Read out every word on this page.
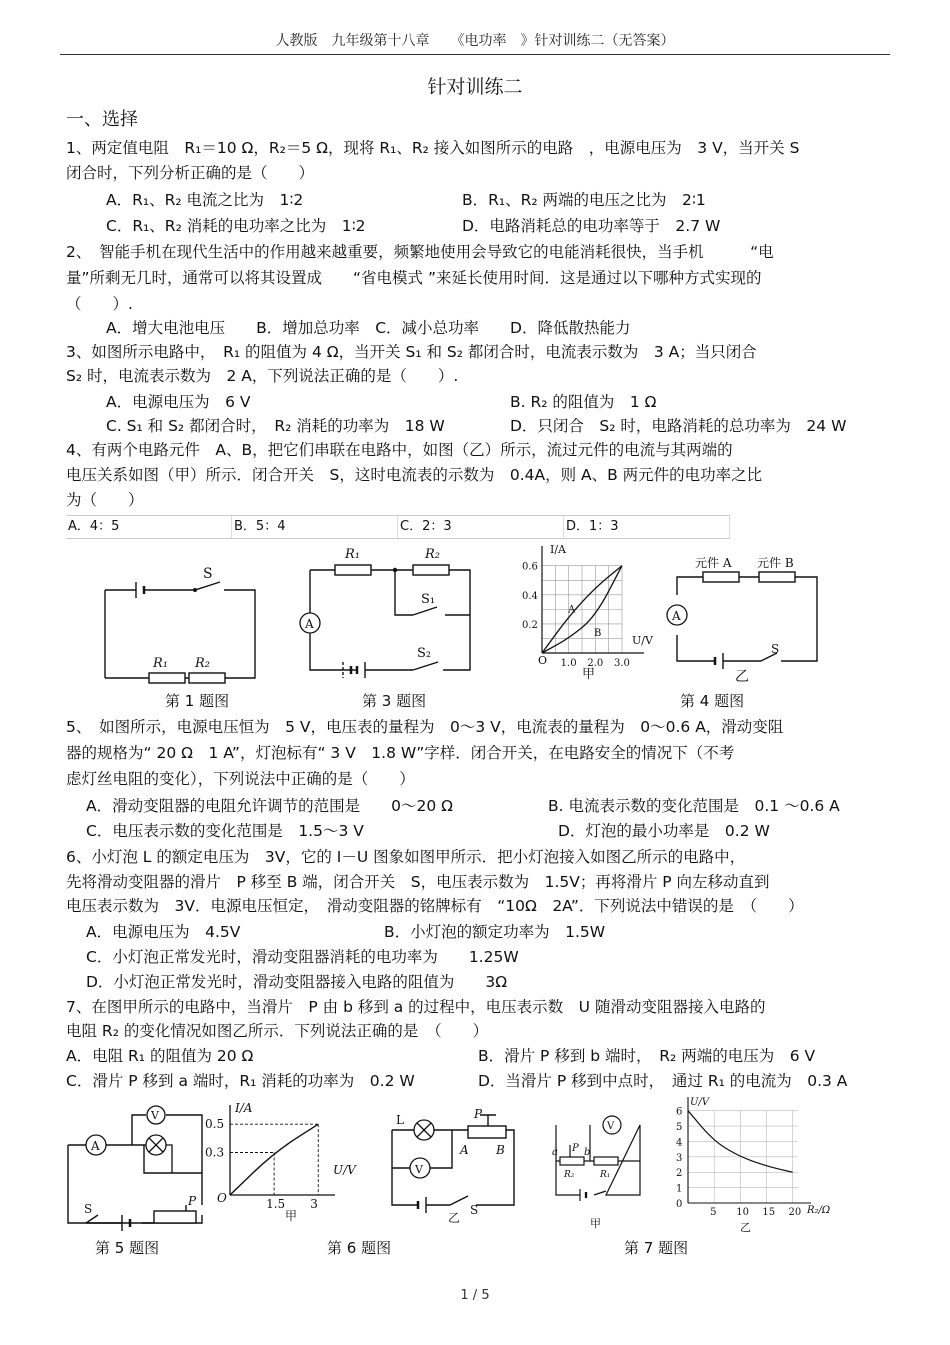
人教版　九年级第十八章　　《电功率　》针对训练二（无答案）
针对训练二
一、选择
1、两定值电阻　R₁＝10 Ω，R₂＝5 Ω，现将 R₁、R₂ 接入如图所示的电路　，电源电压为　3 V，当开关 S
闭合时，下列分析正确的是（　　）
A．R₁、R₂ 电流之比为　1∶2	B．R₁、R₂ 两端的电压之比为　2∶1
C．R₁、R₂ 消耗的电功率之比为　1∶2	D．电路消耗总的电功率等于　2.7 W
2、　智能手机在现代生活中的作用越来越重要，频繁地使用会导致它的电能消耗很快，当手机　　　“电
量”所剩无几时，通常可以将其设置成　　“省电模式 ”来延长使用时间．这是通过以下哪种方式实现的
（　　）.
A．增大电池电压　　B．增加总功率　C．减小总功率　　D．降低散热能力
3、如图所示电路中，　R₁ 的阻值为 4 Ω，当开关 S₁ 和 S₂ 都闭合时，电流表示数为　3 A；当只闭合
S₂ 时，电流表示数为　2 A，下列说法正确的是（　　）.
A．电源电压为　6 V	B. R₂ 的阻值为　1 Ω
C. S₁ 和 S₂ 都闭合时，　R₂ 消耗的功率为　18 W	D．只闭合　S₂ 时，电路消耗的总功率为　24 W
4、有两个电路元件　A、B，把它们串联在电路中，如图（乙）所示，流过元件的电流与其两端的
电压关系如图（甲）所示．闭合开关　S，这时电流表的示数为　0.4A，则 A、B 两元件的电功率之比
为（　　）
A．4：5	B．5：4	C．2：3	D．1：3
S
R₁ R₂
A
R₁	R₂
S₁
S₂
1.0 2.0 3.0
0.2
0.4
0.6
A
B
I/A
U/V
O
甲
A
元件 A 元件 B
乙
S
第 1 题图	第 3 题图	第 4 题图
5、　如图所示，电源电压恒为　5 V，电压表的量程为　0～3 V，电流表的量程为　0～0.6 A，滑动变阻
器的规格为“ 20 Ω　1 A”，灯泡标有“ 3 V　1.8 W”字样．闭合开关，在电路安全的情况下（不考
虑灯丝电阻的变化），下列说法中正确的是（　　）
A．滑动变阻器的电阻允许调节的范围是　　0～20 Ω	B. 电流表示数的变化范围是　0.1 ～0.6 A
C．电压表示数的变化范围是　1.5～3 V	D．灯泡的最小功率是　0.2 W
6、小灯泡 L 的额定电压为　3V，它的 I－U 图象如图甲所示．把小灯泡接入如图乙所示的电路中，
先将滑动变阻器的滑片　P 移至 B 端，闭合开关　S，电压表示数为　1.5V；再将滑片 P 向左移动直到
电压表示数为　3V．电源电压恒定，　滑动变阻器的铭牌标有　“10Ω　2A”．下列说法中错误的是　（　　）
A．电源电压为　4.5V	B．小灯泡的额定功率为　1.5W
C．小灯泡正常发光时，滑动变阻器消耗的电功率为　　1.25W
D．小灯泡正常发光时，滑动变阻器接入电路的阻值为　　3Ω
7、在图甲所示的电路中，当滑片　P 由 b 移到 a 的过程中，电压表示数　U 随滑动变阻器接入电路的
电阻 R₂ 的变化情况如图乙所示．下列说法正确的是　（　　）
A．电阻 R₁ 的阻值为 20 Ω	B．滑片 P 移到 b 端时，　R₂ 两端的电压为　6 V
C．滑片 P 移到 a 端时，R₁ 消耗的功率为　0.2 W	D．当滑片 P 移到中点时，　通过 R₁ 的电流为　0.3 A
A
V
S
P	1.5 3
0.3
0.5
I/A
U/V
O
甲
V
L	P
A B
S
乙
V
a	b
P
R₂	R₁
甲
5 10 15 20
0
1
2
3
4
5
6
U/V
R₂/Ω
乙
第 5 题图	第 6 题图	第 7 题图
1 / 5
